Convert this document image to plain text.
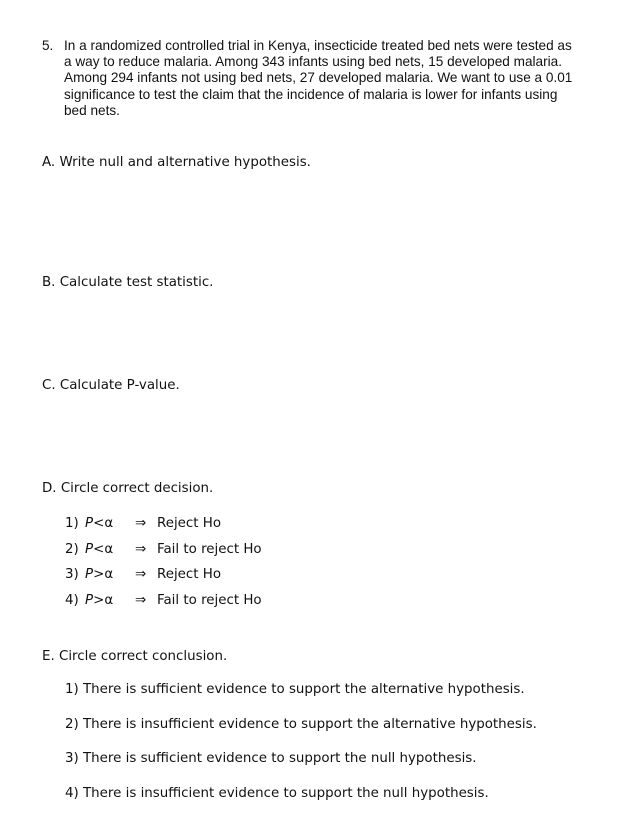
5. In a randomized controlled trial in Kenya, insecticide treated bed nets were tested as a way to reduce malaria. Among 343 infants using bed nets, 15 developed malaria. Among 294 infants not using bed nets, 27 developed malaria. We want to use a 0.01 significance to test the claim that the incidence of malaria is lower for infants using bed nets.
A. Write null and alternative hypothesis.
B. Calculate test statistic.
C. Calculate P-value.
D. Circle correct decision.
1) P<α	⇒ Reject Ho
2) P<α	⇒ Fail to reject Ho
3) P>α	⇒ Reject Ho
4) P>α	⇒ Fail to reject Ho
E. Circle correct conclusion.
1) There is sufficient evidence to support the alternative hypothesis.
2) There is insufficient evidence to support the alternative hypothesis.
3) There is sufficient evidence to support the null hypothesis.
4) There is insufficient evidence to support the null hypothesis.
